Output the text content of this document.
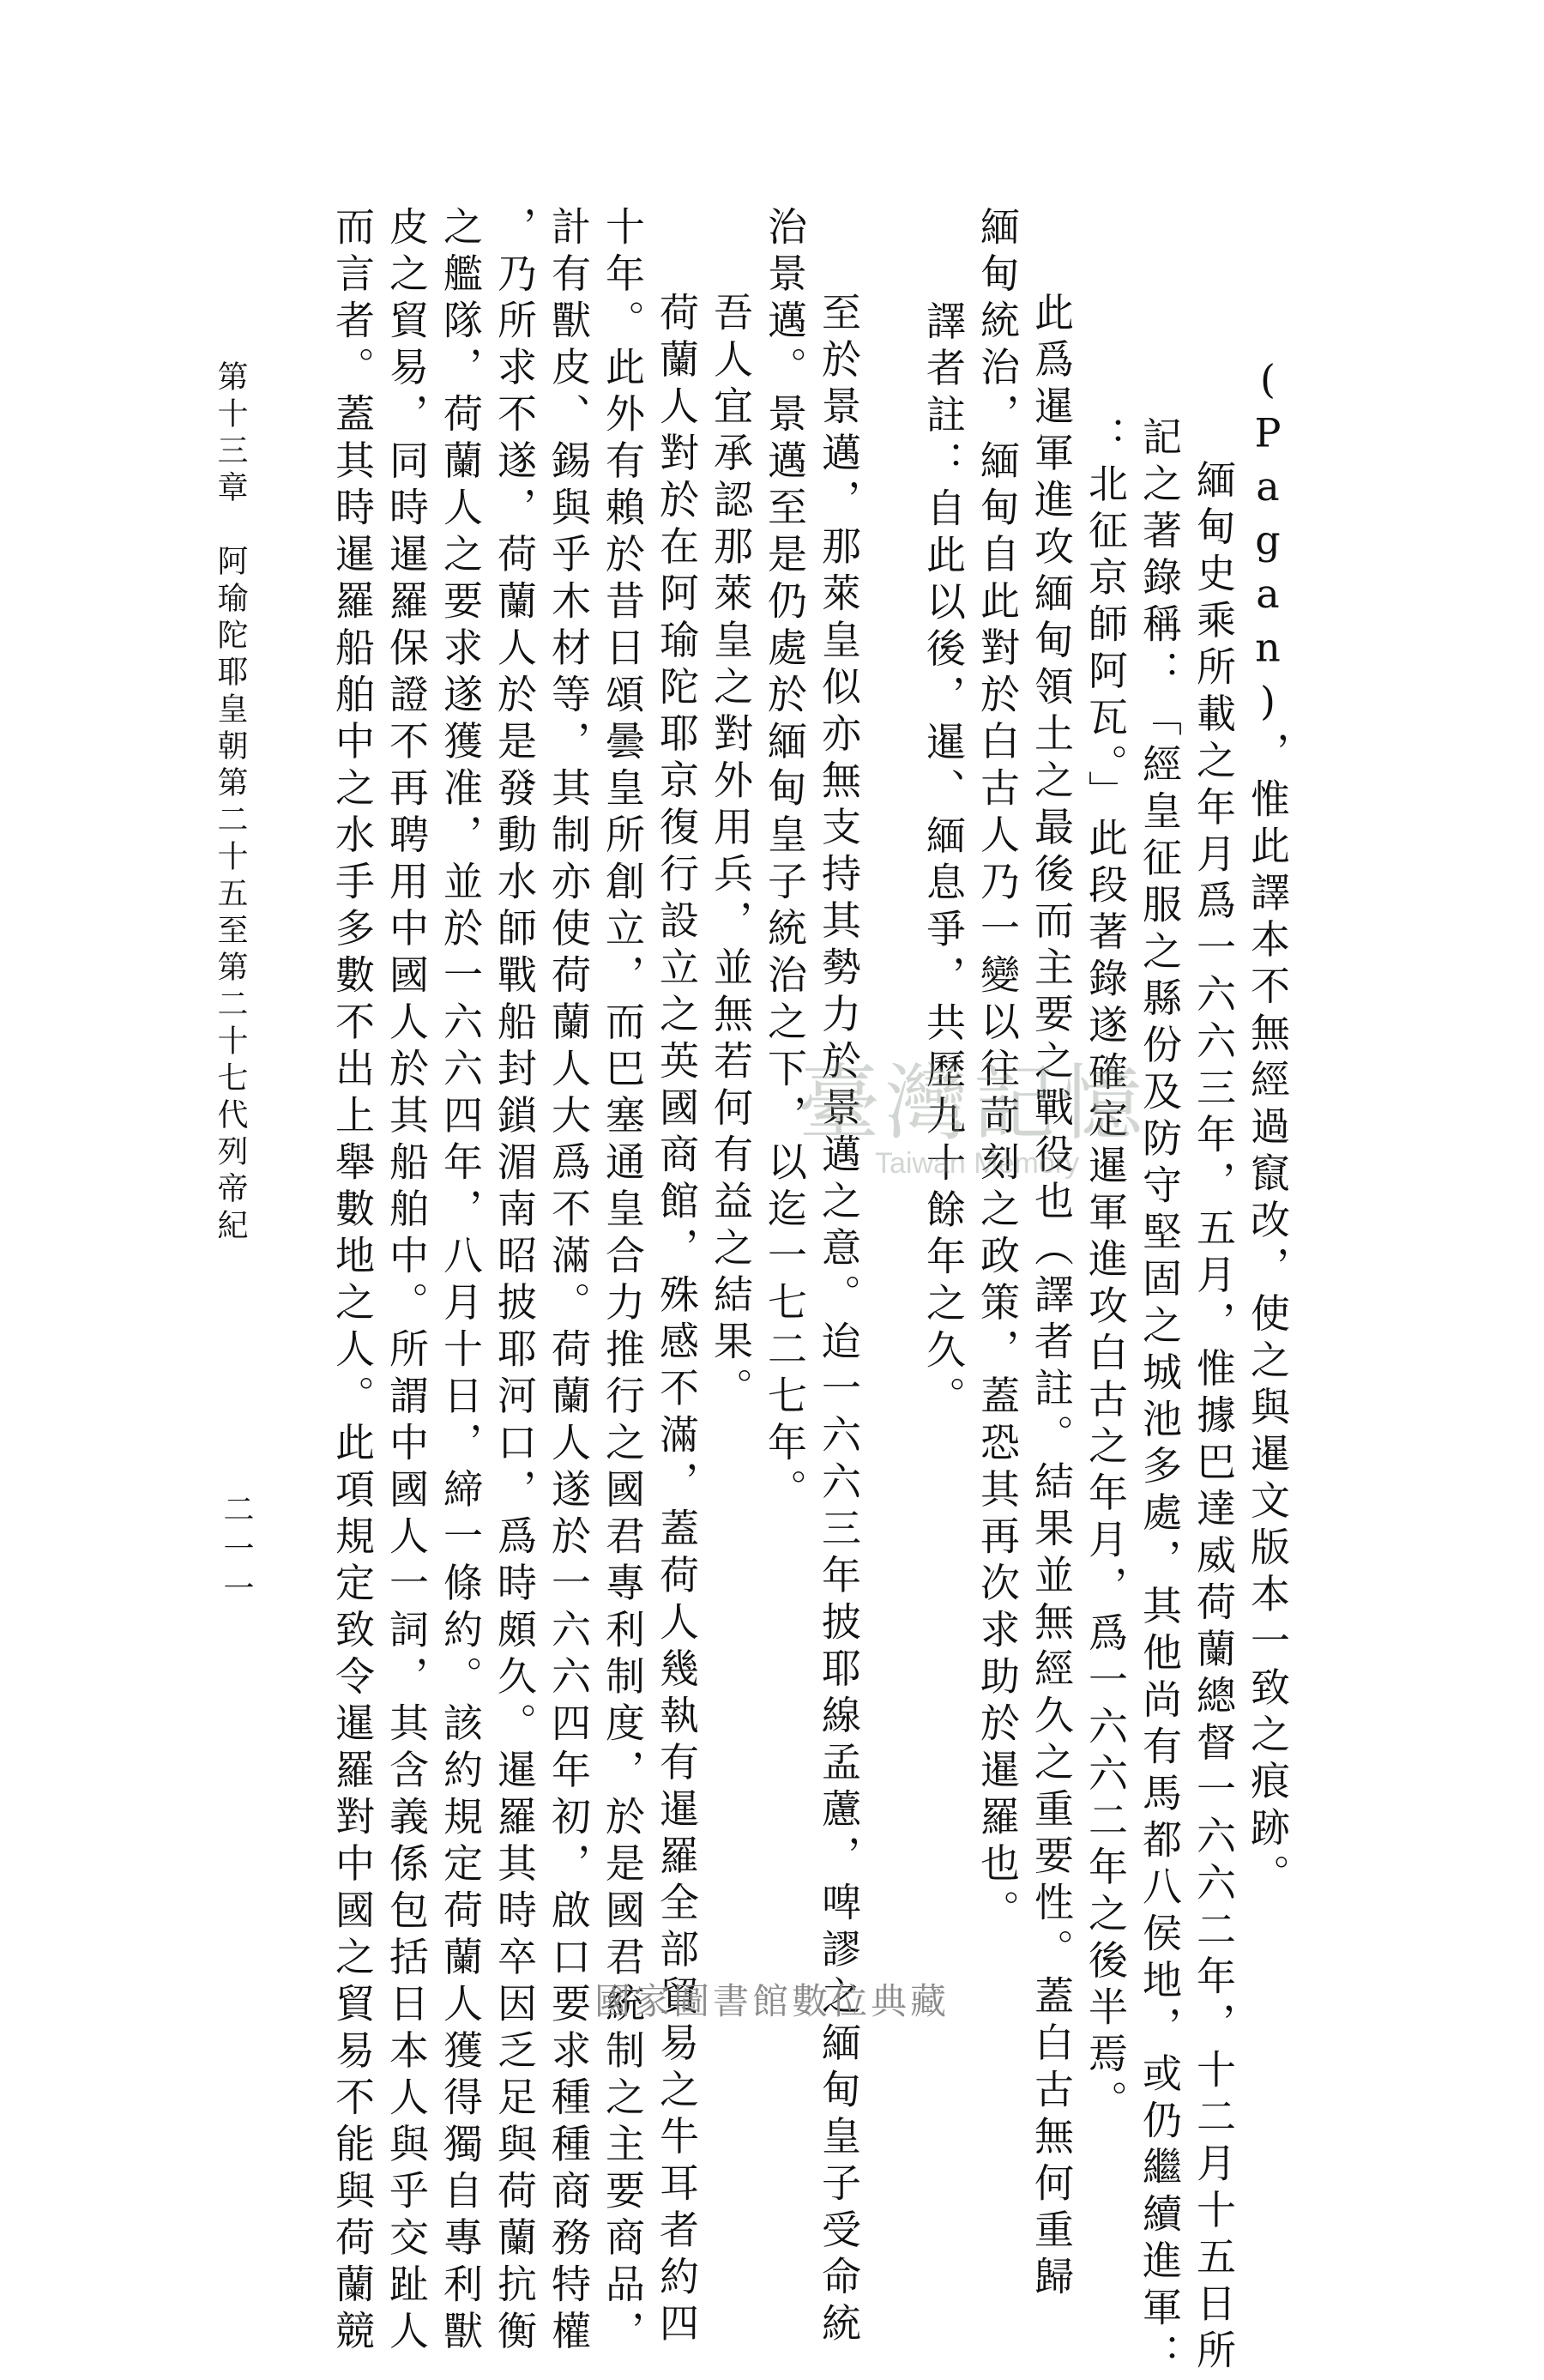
(Pagan)，惟此譯本不無經過竄改，使之與暹文版本一致之痕跡。
緬甸史乘所載之年月爲一六六三年，五月，惟據巴達威荷蘭總督一六六二年，十二月十五日所
記之著錄稱：「經皇征服之縣份及防守堅固之城池多處，其他尚有馬都八侯地，或仍繼續進軍：
：北征京師阿瓦。」此段著錄遂確定暹軍進攻白古之年月，爲一六六二年之後半焉。
此爲暹軍進攻緬甸領土之最後而主要之戰役也（譯者註。結果並無經久之重要性。蓋白古無何重歸
緬甸統治，緬甸自此對於白古人乃一變以往苛刻之政策，蓋恐其再次求助於暹羅也。
譯者註：自此以後，暹、緬息爭，共歷九十餘年之久。
至於景邁，那萊皇似亦無支持其勢力於景邁之意。迨一六六三年披耶線孟藘，啤謬之緬甸皇子受命統
治景邁。景邁至是仍處於緬甸皇子統治之下，以迄一七二七年。
吾人宜承認那萊皇之對外用兵，並無若何有益之結果。
荷蘭人對於在阿瑜陀耶京復行設立之英國商館，殊感不滿，蓋荷人幾執有暹羅全部貿易之牛耳者約四
十年。此外有賴於昔日頌曇皇所創立，而巴塞通皇合力推行之國君專利制度，於是國君統制之主要商品，
計有獸皮、錫與乎木材等，其制亦使荷蘭人大爲不滿。荷蘭人遂於一六六四年初，啟口要求種種商務特權
，乃所求不遂，荷蘭人於是發動水師戰船封鎖湄南昭披耶河口，爲時頗久。暹羅其時卒因乏足與荷蘭抗衡
之艦隊，荷蘭人之要求遂獲准，並於一六六四年，八月十日，締一條約。該約規定荷蘭人獲得獨自專利獸
皮之貿易，同時暹羅保證不再聘用中國人於其船舶中。所謂中國人一詞，其含義係包括日本人與乎交趾人
而言者。蓋其時暹羅船舶中之水手多數不出上舉數地之人。此項規定致令暹羅對中國之貿易不能與荷蘭競
第十三章　阿瑜陀耶皇朝第二十五至第二十七代列帝紀
二一一
臺灣記憶
Taiwan Memory
國家圖書館數位典藏
